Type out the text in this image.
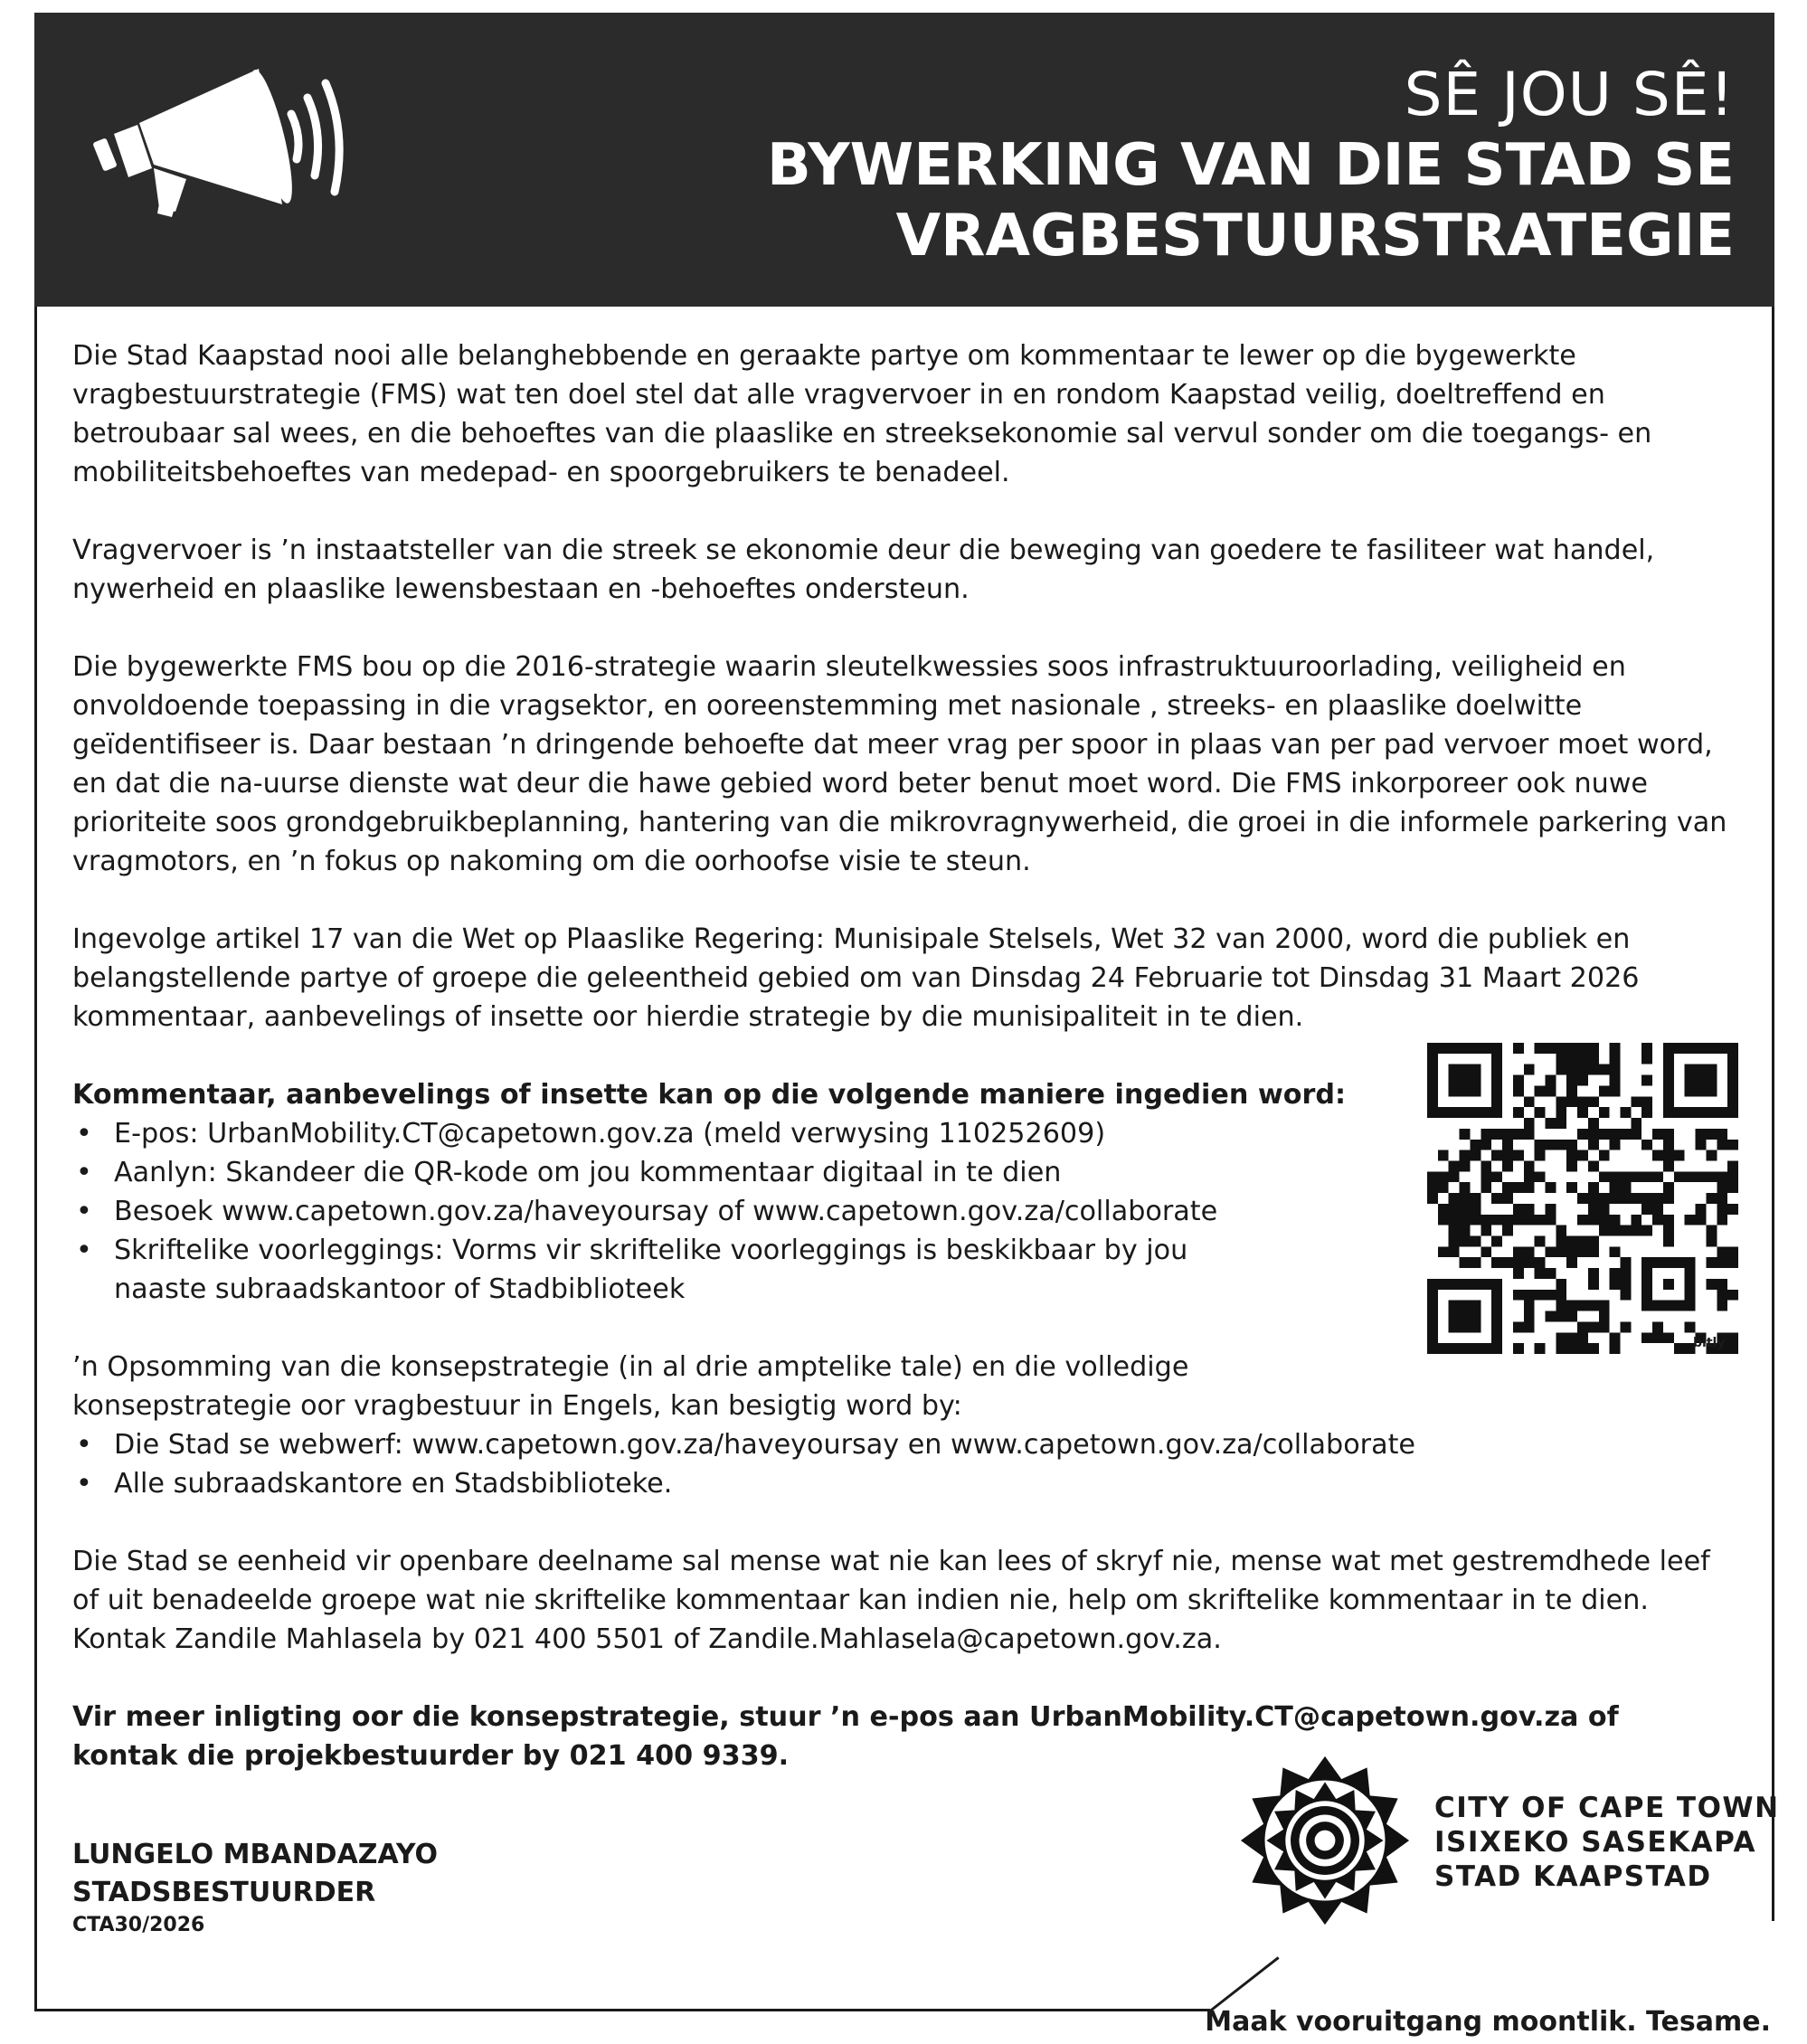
SÊ JOU SÊ!
BYWERKING VAN DIE STAD SE
VRAGBESTUURSTRATEGIE

Die Stad Kaapstad nooi alle belanghebbende en geraakte partye om kommentaar te lewer op die bygewerkte vragbestuurstrategie (FMS) wat ten doel stel dat alle vragvervoer in en rondom Kaapstad veilig, doeltreffend en betroubaar sal wees, en die behoeftes van die plaaslike en streeksekonomie sal vervul sonder om die toegangs- en mobiliteitsbehoeftes van medepad- en spoorgebruikers te benadeel.

Vragvervoer is ’n instaatsteller van die streek se ekonomie deur die beweging van goedere te fasiliteer wat handel, nywerheid en plaaslike lewensbestaan en -behoeftes ondersteun.

Die bygewerkte FMS bou op die 2016-strategie waarin sleutelkwessies soos infrastruktuuroorlading, veiligheid en onvoldoende toepassing in die vragsektor, en ooreenstemming met nasionale , streeks- en plaaslike doelwitte geïdentifiseer is. Daar bestaan ’n dringende behoefte dat meer vrag per spoor in plaas van per pad vervoer moet word, en dat die na-uurse dienste wat deur die hawe gebied word beter benut moet word. Die FMS inkorporeer ook nuwe prioriteite soos grondgebruikbeplanning, hantering van die mikrovragnywerheid, die groei in die informele parkering van vragmotors, en ’n fokus op nakoming om die oorhoofse visie te steun.

Ingevolge artikel 17 van die Wet op Plaaslike Regering: Munisipale Stelsels, Wet 32 van 2000, word die publiek en belangstellende partye of groepe die geleentheid gebied om van Dinsdag 24 Februarie tot Dinsdag 31 Maart 2026 kommentaar, aanbevelings of insette oor hierdie strategie by die munisipaliteit in te dien.

Kommentaar, aanbevelings of insette kan op die volgende maniere ingedien word:

• E-pos: UrbanMobility.CT@capetown.gov.za (meld verwysing 110252609)
• Aanlyn: Skandeer die QR-kode om jou kommentaar digitaal in te dien
• Besoek www.capetown.gov.za/haveyoursay of www.capetown.gov.za/collaborate
• Skriftelike voorleggings: Vorms vir skriftelike voorleggings is beskikbaar by jou naaste subraadskantoor of Stadbiblioteek

’n Opsomming van die konsepstrategie (in al drie amptelike tale) en die volledige konsepstrategie oor vragbestuur in Engels, kan besigtig word by:

• Die Stad se webwerf: www.capetown.gov.za/haveyoursay en www.capetown.gov.za/collaborate
• Alle subraadskantore en Stadsbiblioteke.

Die Stad se eenheid vir openbare deelname sal mense wat nie kan lees of skryf nie, mense wat met gestremdhede leef of uit benadeelde groepe wat nie skriftelike kommentaar kan indien nie, help om skriftelike kommentaar in te dien. Kontak Zandile Mahlasela by 021 400 5501 of Zandile.Mahlasela@capetown.gov.za.

Vir meer inligting oor die konsepstrategie, stuur ’n e-pos aan UrbanMobility.CT@capetown.gov.za of kontak die projekbestuurder by 021 400 9339.

bitly
LUNGELO MBANDAZAYO
STADSBESTUURDER
CTA30/2026
CITY OF CAPE TOWN
ISIXEKO SASEKAPA
STAD KAAPSTAD
Maak vooruitgang moontlik. Tesame.
